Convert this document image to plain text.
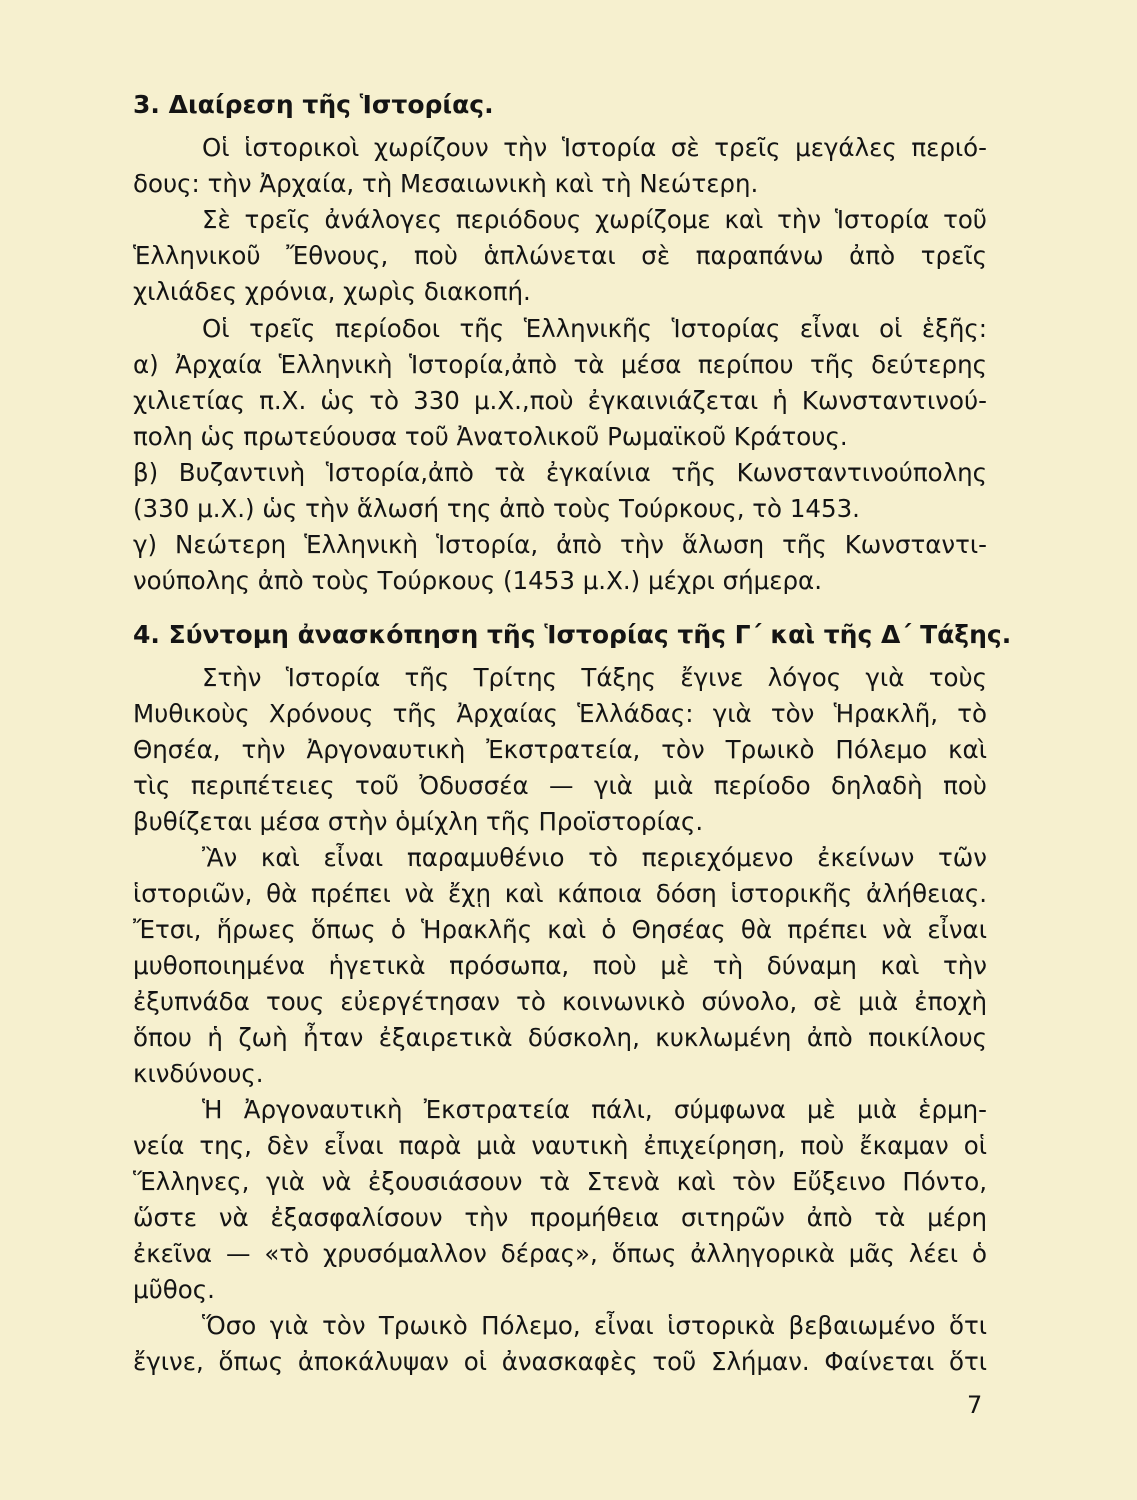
3. Διαίρεση τῆς Ἱστορίας.

Οἱ ἱστορικοὶ χωρίζουν τὴν Ἱστορία σὲ τρεῖς μεγάλες περιό-

δους: τὴν Ἀρχαία, τὴ Μεσαιωνικὴ καὶ τὴ Νεώτερη.

Σὲ τρεῖς ἀνάλογες περιόδους χωρίζομε καὶ τὴν Ἱστορία τοῦ

Ἑλληνικοῦ Ἔθνους, ποὺ ἁπλώνεται σὲ παραπάνω ἀπὸ τρεῖς

χιλιάδες χρόνια, χωρὶς διακοπή.

Οἱ τρεῖς περίοδοι τῆς Ἑλληνικῆς Ἱστορίας εἶναι οἱ ἑξῆς:

α) Ἀρχαία Ἑλληνικὴ Ἱστορία,ἀπὸ τὰ μέσα περίπου τῆς δεύτερης

χιλιετίας π.Χ. ὡς τὸ 330 μ.Χ.,ποὺ ἐγκαινιάζεται ἡ Κωνσταντινού-

πολη ὡς πρωτεύουσα τοῦ Ἀνατολικοῦ Ρωμαϊκοῦ Κράτους.

β) Βυζαντινὴ Ἱστορία,ἀπὸ τὰ ἐγκαίνια τῆς Κωνσταντινούπολης

(330 μ.Χ.) ὡς τὴν ἅλωσή της ἀπὸ τοὺς Τούρκους, τὸ 1453.

γ) Νεώτερη Ἑλληνικὴ Ἱστορία, ἀπὸ τὴν ἅλωση τῆς Κωνσταντι-

νούπολης ἀπὸ τοὺς Τούρκους (1453 μ.Χ.) μέχρι σήμερα.

4. Σύντομη ἀνασκόπηση τῆς Ἱστορίας τῆς Γ΄ καὶ τῆς Δ΄ Τάξης.

Στὴν Ἱστορία τῆς Τρίτης Τάξης ἔγινε λόγος γιὰ τοὺς

Μυθικοὺς Χρόνους τῆς Ἀρχαίας Ἑλλάδας: γιὰ τὸν Ἡρακλῆ, τὸ

Θησέα, τὴν Ἀργοναυτικὴ Ἐκστρατεία, τὸν Τρωικὸ Πόλεμο καὶ

τὶς περιπέτειες τοῦ Ὀδυσσέα — γιὰ μιὰ περίοδο δηλαδὴ ποὺ

βυθίζεται μέσα στὴν ὁμίχλη τῆς Προϊστορίας.

Ἂν καὶ εἶναι παραμυθένιο τὸ περιεχόμενο ἐκείνων τῶν

ἱστοριῶν, θὰ πρέπει νὰ ἔχῃ καὶ κάποια δόση ἱστορικῆς ἀλήθειας.

Ἔτσι, ἥρωες ὅπως ὁ Ἡρακλῆς καὶ ὁ Θησέας θὰ πρέπει νὰ εἶναι

μυθοποιημένα ἡγετικὰ πρόσωπα, ποὺ μὲ τὴ δύναμη καὶ τὴν

ἐξυπνάδα τους εὐεργέτησαν τὸ κοινωνικὸ σύνολο, σὲ μιὰ ἐποχὴ

ὅπου ἡ ζωὴ ἦταν ἐξαιρετικὰ δύσκολη, κυκλωμένη ἀπὸ ποικίλους

κινδύνους.

Ἡ Ἀργοναυτικὴ Ἐκστρατεία πάλι, σύμφωνα μὲ μιὰ ἑρμη-

νεία της, δὲν εἶναι παρὰ μιὰ ναυτικὴ ἐπιχείρηση, ποὺ ἔκαμαν οἱ

Ἕλληνες, γιὰ νὰ ἐξουσιάσουν τὰ Στενὰ καὶ τὸν Εὔξεινο Πόντο,

ὥστε νὰ ἐξασφαλίσουν τὴν προμήθεια σιτηρῶν ἀπὸ τὰ μέρη

ἐκεῖνα — «τὸ χρυσόμαλλον δέρας», ὅπως ἀλληγορικὰ μᾶς λέει ὁ

μῦθος.

Ὅσο γιὰ τὸν Τρωικὸ Πόλεμο, εἶναι ἱστορικὰ βεβαιωμένο ὅτι

ἔγινε, ὅπως ἀποκάλυψαν οἱ ἀνασκαφὲς τοῦ Σλήμαν. Φαίνεται ὅτι

7
